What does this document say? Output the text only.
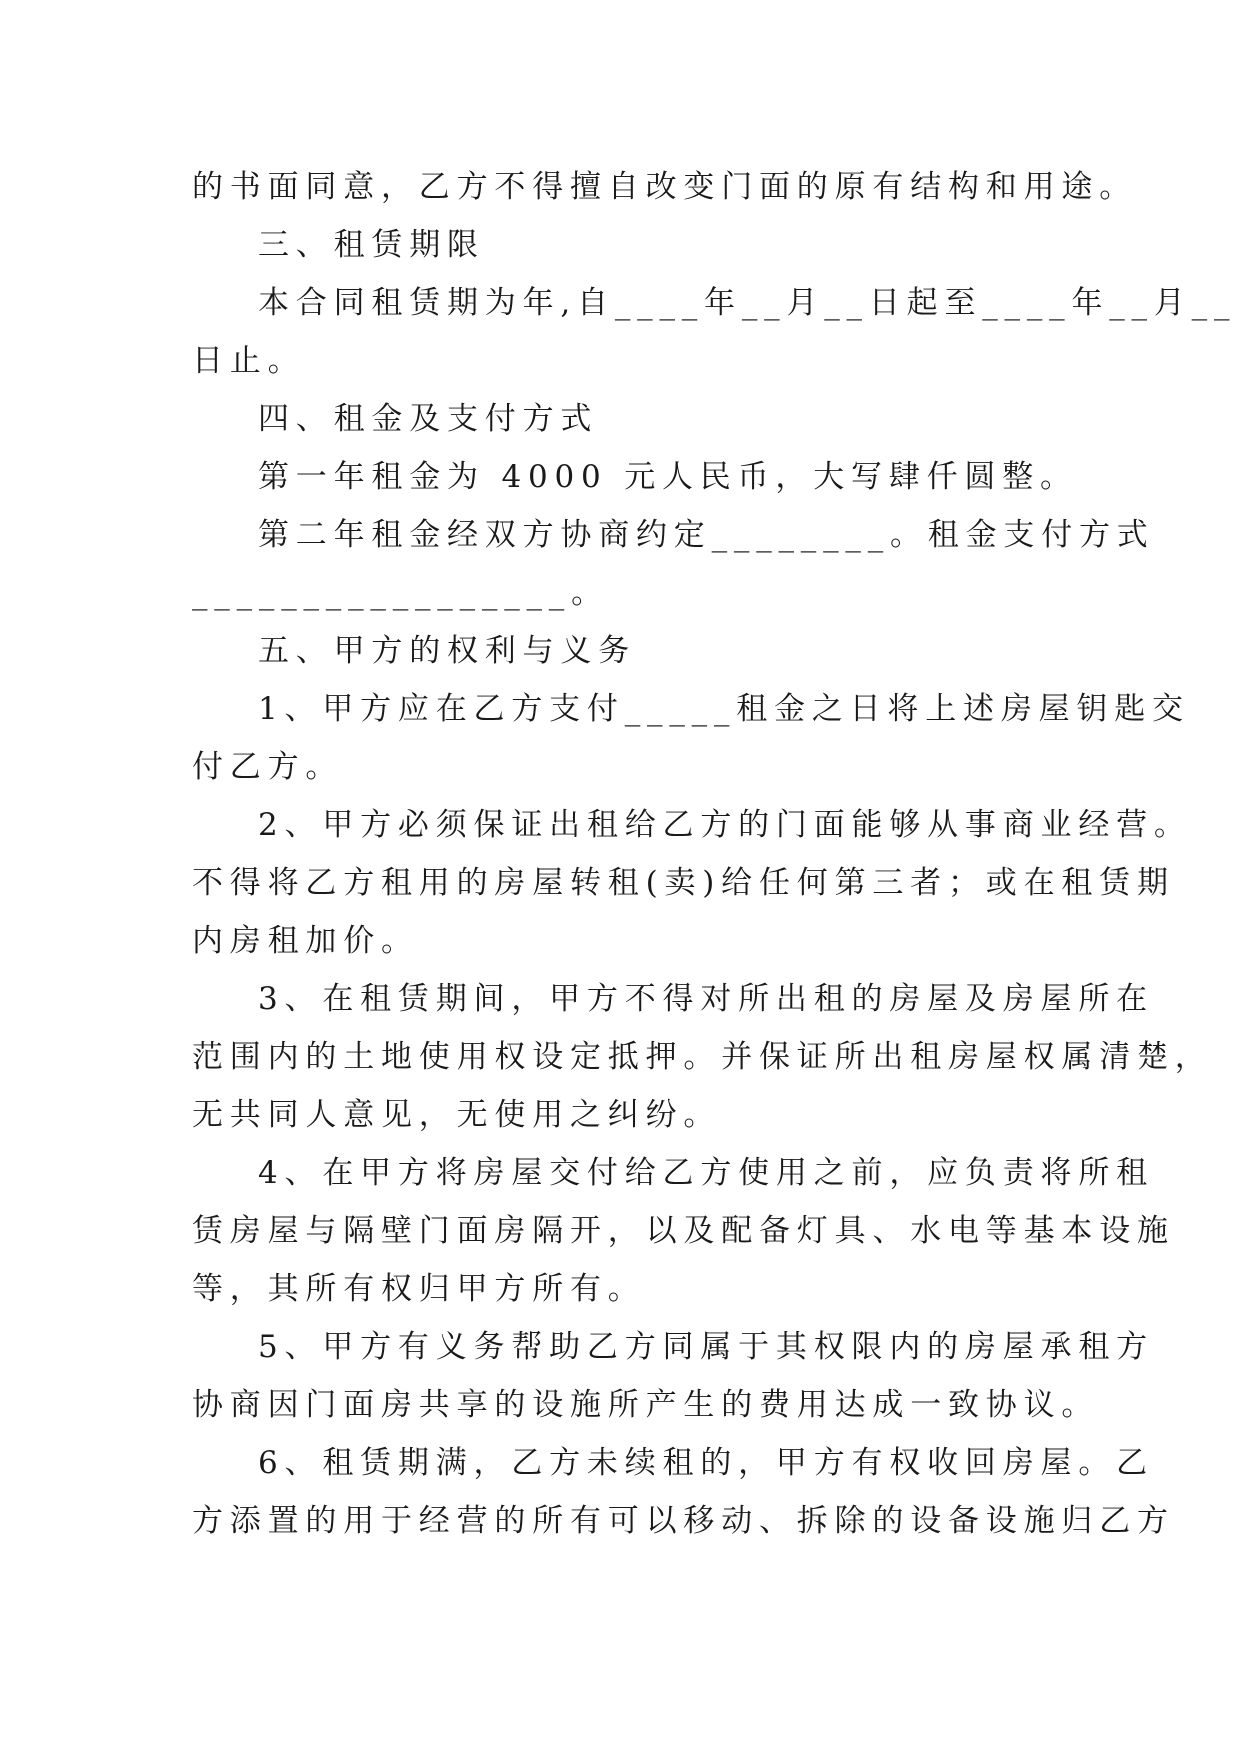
的书面同意，乙方不得擅自改变门面的原有结构和用途。
三、租赁期限
本合同租赁期为年,自____年__月__日起至____年__月__
日止。
四、租金及支付方式
第一年租金为 4000 元人民币，大写肆仟圆整。
第二年租金经双方协商约定________。租金支付方式
_________________。
五、甲方的权利与义务
1、甲方应在乙方支付_____租金之日将上述房屋钥匙交
付乙方。
2、甲方必须保证出租给乙方的门面能够从事商业经营。
不得将乙方租用的房屋转租(卖)给任何第三者；或在租赁期
内房租加价。
3、在租赁期间，甲方不得对所出租的房屋及房屋所在
范围内的土地使用权设定抵押。并保证所出租房屋权属清楚，
无共同人意见，无使用之纠纷。
4、在甲方将房屋交付给乙方使用之前，应负责将所租
赁房屋与隔壁门面房隔开，以及配备灯具、水电等基本设施
等，其所有权归甲方所有。
5、甲方有义务帮助乙方同属于其权限内的房屋承租方
协商因门面房共享的设施所产生的费用达成一致协议。
6、租赁期满，乙方未续租的，甲方有权收回房屋。乙
方添置的用于经营的所有可以移动、拆除的设备设施归乙方
